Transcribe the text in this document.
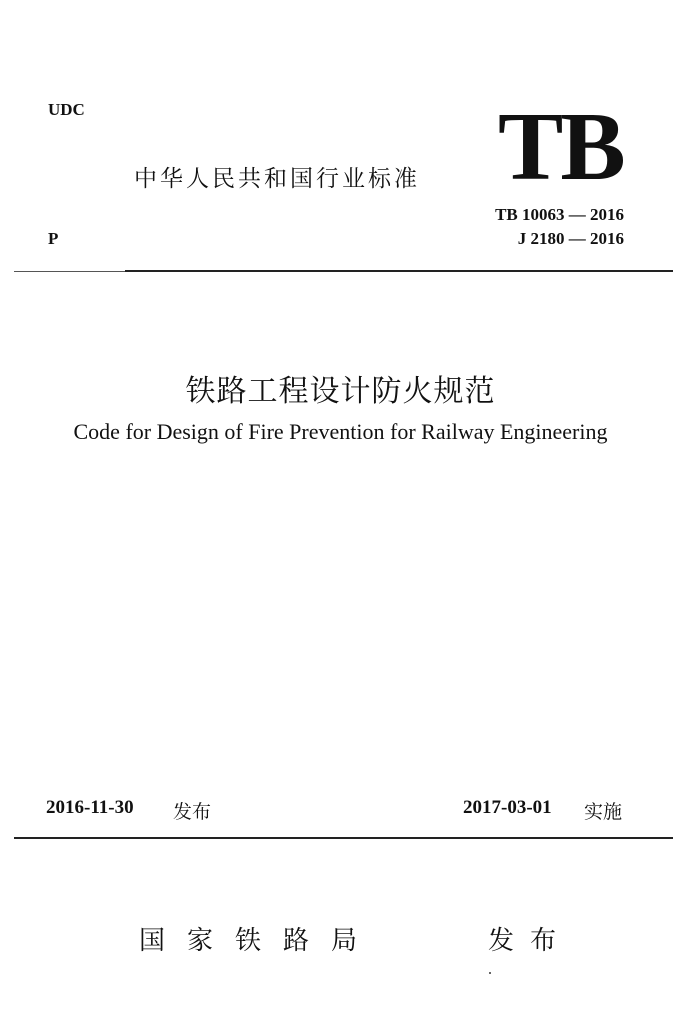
UDC
中华人民共和国行业标准 TB
TB 10063 — 2016
P	J 2180 — 2016
铁路工程设计防火规范
Code for Design of Fire Prevention for Railway Engineering
2016-11-30 发布	2017-03-01 实施
国家铁路局	发布
